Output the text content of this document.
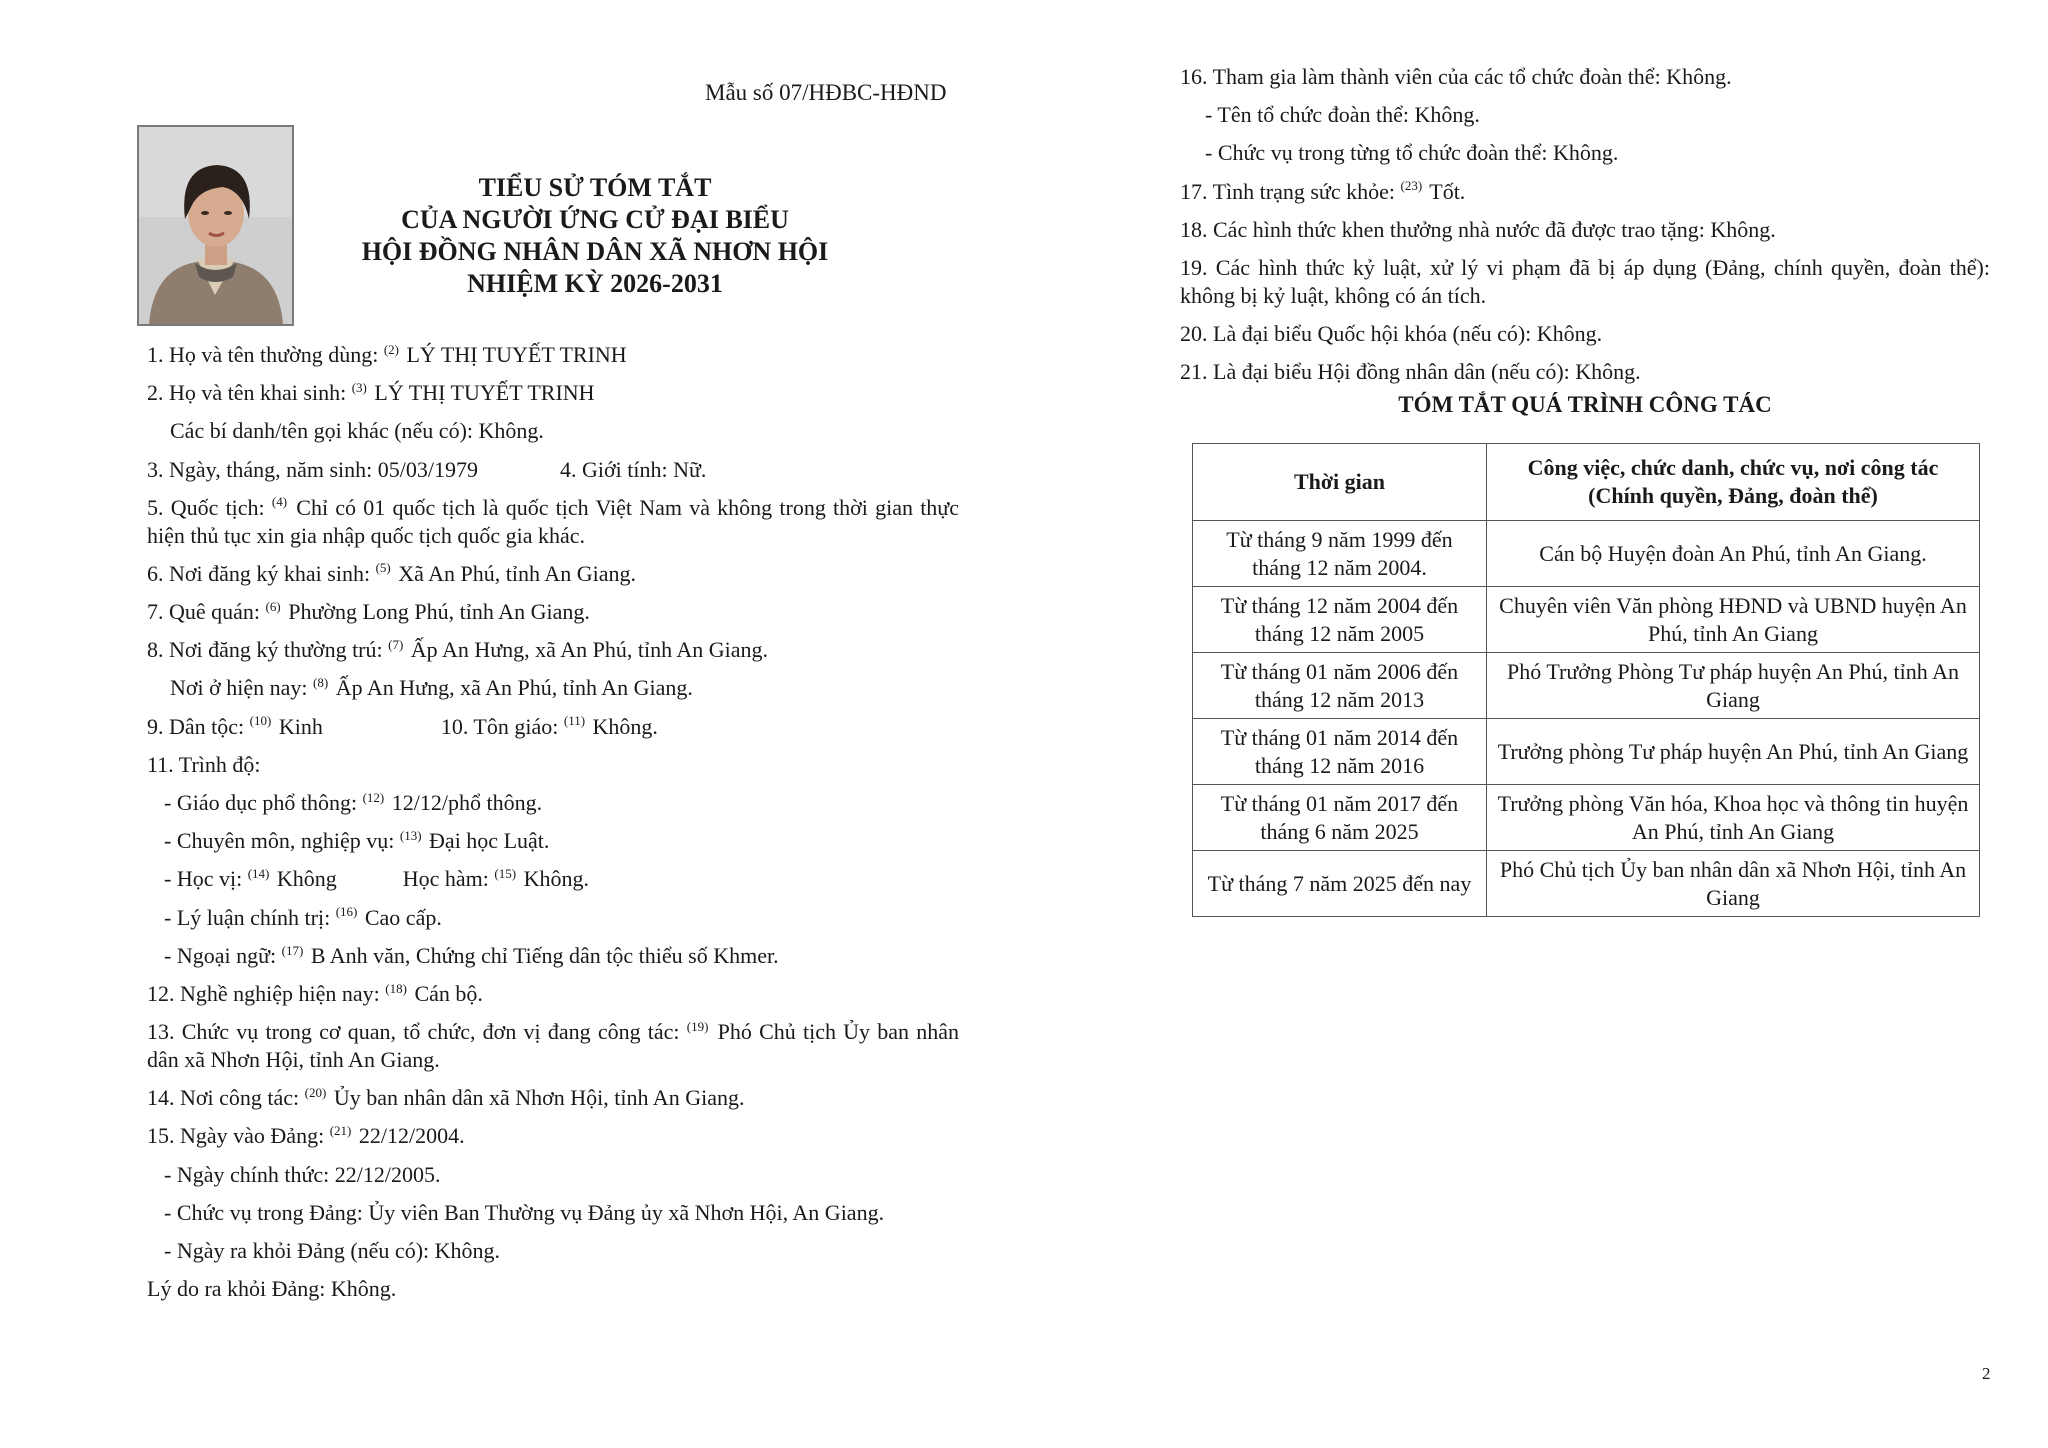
Mẫu số 07/HĐBC-HĐND
TIỂU SỬ TÓM TẮT
CỦA NGƯỜI ỨNG CỬ ĐẠI BIỂU
HỘI ĐỒNG NHÂN DÂN XÃ NHƠN HỘI
NHIỆM KỲ 2026-2031
1. Họ và tên thường dùng: $^{(2)}$ LÝ THỊ TUYẾT TRINH
2. Họ và tên khai sinh: $^{(3)}$ LÝ THỊ TUYẾT TRINH
Các bí danh/tên gọi khác (nếu có): Không.
3. Ngày, tháng, năm sinh: 05/03/1979	4. Giới tính: Nữ.
5. Quốc tịch: $^{(4)}$ Chỉ có 01 quốc tịch là quốc tịch Việt Nam và không trong thời gian thực hiện thủ tục xin gia nhập quốc tịch quốc gia khác.
6. Nơi đăng ký khai sinh: $^{(5)}$ Xã An Phú, tỉnh An Giang.
7. Quê quán: $^{(6)}$ Phường Long Phú, tỉnh An Giang.
8. Nơi đăng ký thường trú: $^{(7)}$ Ấp An Hưng, xã An Phú, tỉnh An Giang.
Nơi ở hiện nay: $^{(8)}$ Ấp An Hưng, xã An Phú, tỉnh An Giang.
9. Dân tộc: $^{(10)}$ Kinh	10. Tôn giáo: $^{(11)}$ Không.
11. Trình độ:
- Giáo dục phổ thông: $^{(12)}$ 12/12/phổ thông.
- Chuyên môn, nghiệp vụ: $^{(13)}$ Đại học Luật.
- Học vị: $^{(14)}$ Không	Học hàm: $^{(15)}$ Không.
- Lý luận chính trị: $^{(16)}$ Cao cấp.
- Ngoại ngữ: $^{(17)}$ B Anh văn, Chứng chỉ Tiếng dân tộc thiểu số Khmer.
12. Nghề nghiệp hiện nay: $^{(18)}$ Cán bộ.
13. Chức vụ trong cơ quan, tổ chức, đơn vị đang công tác: $^{(19)}$ Phó Chủ tịch Ủy ban nhân dân xã Nhơn Hội, tỉnh An Giang.
14. Nơi công tác: $^{(20)}$ Ủy ban nhân dân xã Nhơn Hội, tỉnh An Giang.
15. Ngày vào Đảng: $^{(21)}$ 22/12/2004.
- Ngày chính thức: 22/12/2005.
- Chức vụ trong Đảng: Ủy viên Ban Thường vụ Đảng ủy xã Nhơn Hội, An Giang.
- Ngày ra khỏi Đảng (nếu có): Không.
Lý do ra khỏi Đảng: Không.
16. Tham gia làm thành viên của các tổ chức đoàn thể: Không.
- Tên tổ chức đoàn thể: Không.
- Chức vụ trong từng tổ chức đoàn thể: Không.
17. Tình trạng sức khỏe: $^{(23)}$ Tốt.
18. Các hình thức khen thưởng nhà nước đã được trao tặng: Không.
19. Các hình thức kỷ luật, xử lý vi phạm đã bị áp dụng (Đảng, chính quyền, đoàn thể): không bị kỷ luật, không có án tích.
20. Là đại biểu Quốc hội khóa (nếu có): Không.
21. Là đại biểu Hội đồng nhân dân (nếu có): Không.
TÓM TẮT QUÁ TRÌNH CÔNG TÁC
Thời gian	Công việc, chức danh, chức vụ, nơi công tác (Chính quyền, Đảng, đoàn thể)
Từ tháng 9 năm 1999 đến tháng 12 năm 2004.	Cán bộ Huyện đoàn An Phú, tỉnh An Giang.
Từ tháng 12 năm 2004 đến tháng 12 năm 2005	Chuyên viên Văn phòng HĐND và UBND huyện An Phú, tỉnh An Giang
Từ tháng 01 năm 2006 đến tháng 12 năm 2013	Phó Trưởng Phòng Tư pháp huyện An Phú, tỉnh An Giang
Từ tháng 01 năm 2014 đến tháng 12 năm 2016	Trưởng phòng Tư pháp huyện An Phú, tỉnh An Giang
Từ tháng 01 năm 2017 đến tháng 6 năm 2025	Trưởng phòng Văn hóa, Khoa học và thông tin huyện An Phú, tỉnh An Giang
Từ tháng 7 năm 2025 đến nay	Phó Chủ tịch Ủy ban nhân dân xã Nhơn Hội, tỉnh An Giang
2
